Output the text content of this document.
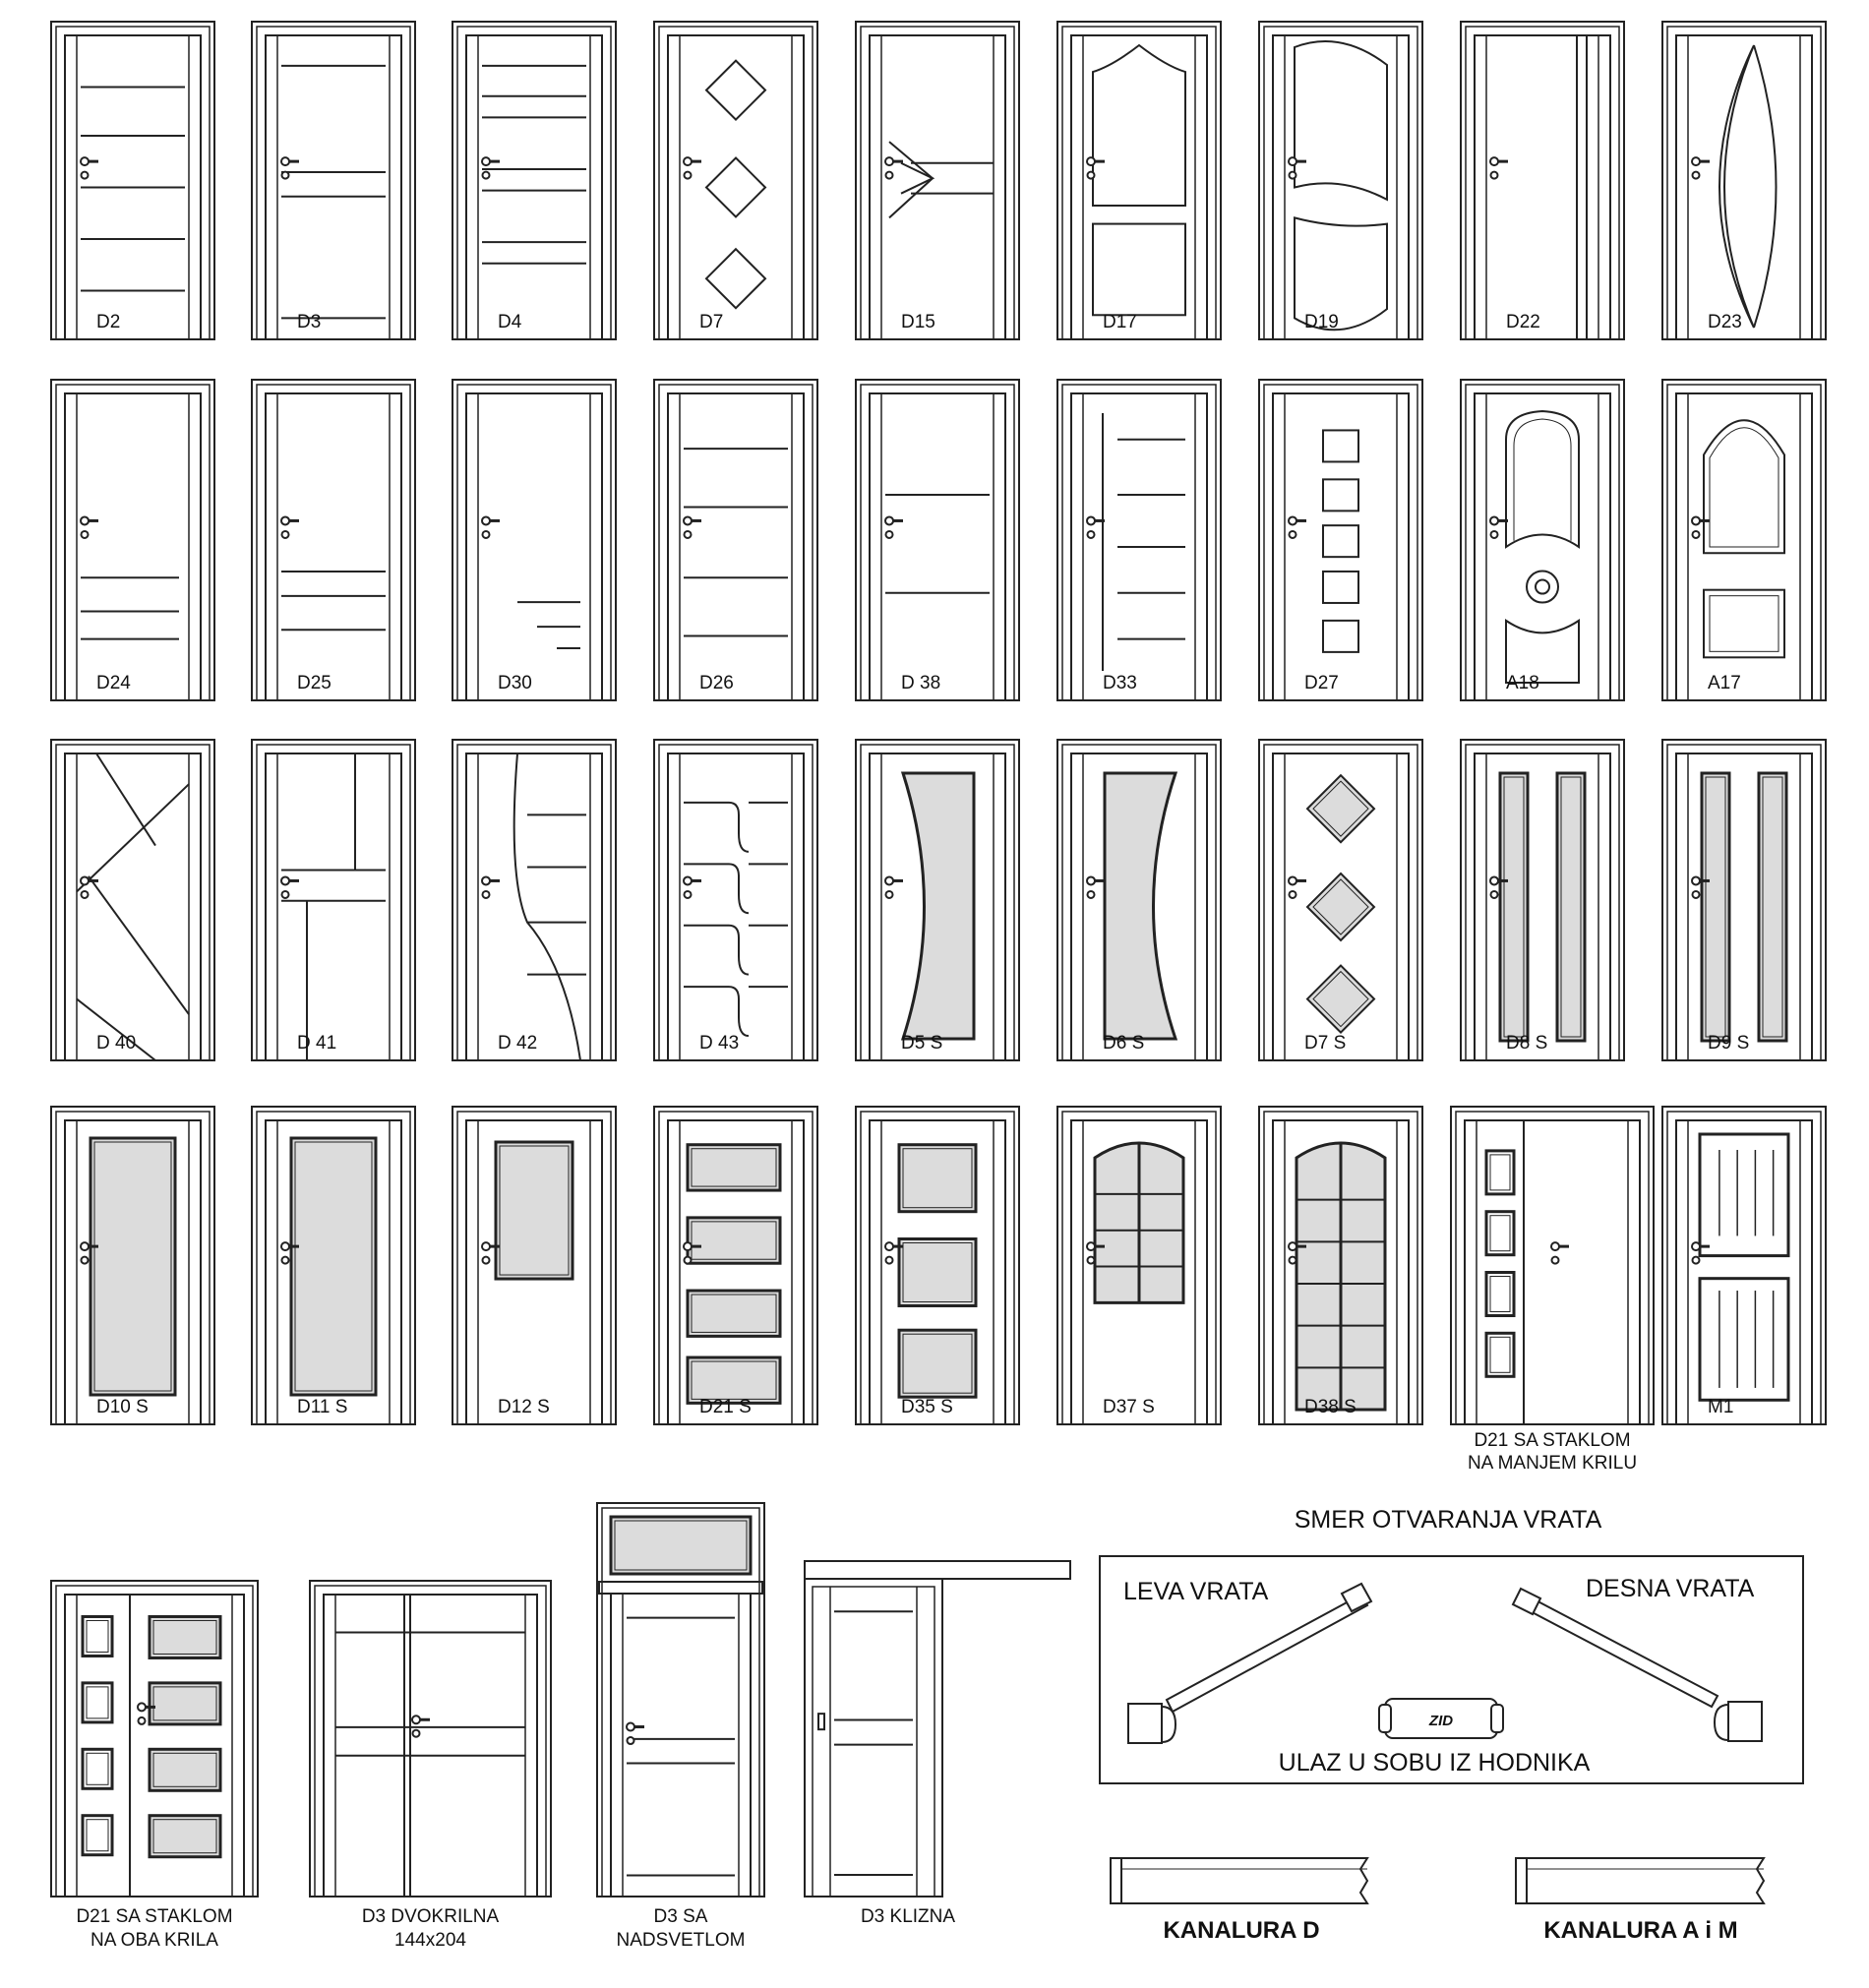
D2	D3	D4	D7	D15	D17	D19	D22	D23
D24	D25	D30	D26	D 38	D33	D27	A18	A17
D 40	D 41	D 42	D 43	D5 S	D6 S	D7 S	D8 S	D9 S
D10 S	D11 S	D12 S	D21 S	D35 S	D37 S	D38 S
D21 SA STAKLOM
NA MANJEM KRILU
M1
D21 SA STAKLOM
NA OBA KRILA
D3 DVOKRILNA
144x204
D3 SA
NADSVETLOM
D3 KLIZNA
SMER OTVARANJA VRATA
LEVA VRATA	DESNA VRATA
ZID
ULAZ U SOBU IZ HODNIKA
KANALURA D	KANALURA A i M
